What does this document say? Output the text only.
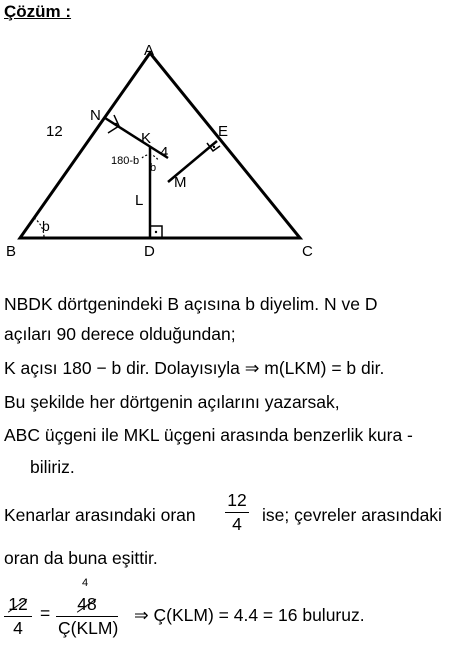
Çözüm :
A
B	C
D
E
N
K
L
M
12
4
b
b
180-b
NBDK dörtgenindeki B açısına b diyelim. N ve D
açıları 90 derece olduğundan;
K açısı 180 − b dir. Dolayısıyla ⇒ m(LKM) = b dir.
Bu şekilde her dörtgenin açılarını yazarsak,
ABC üçgeni ile MKL üçgeni arasında benzerlik kura -
biliriz.
Kenarlar arasındaki oran
12
4	ise; çevreler arasındaki
oran da buna eşittir.
12
4
=
4
48
Ç(KLM)
⇒ Ç(KLM) = 4.4 = 16 buluruz.
